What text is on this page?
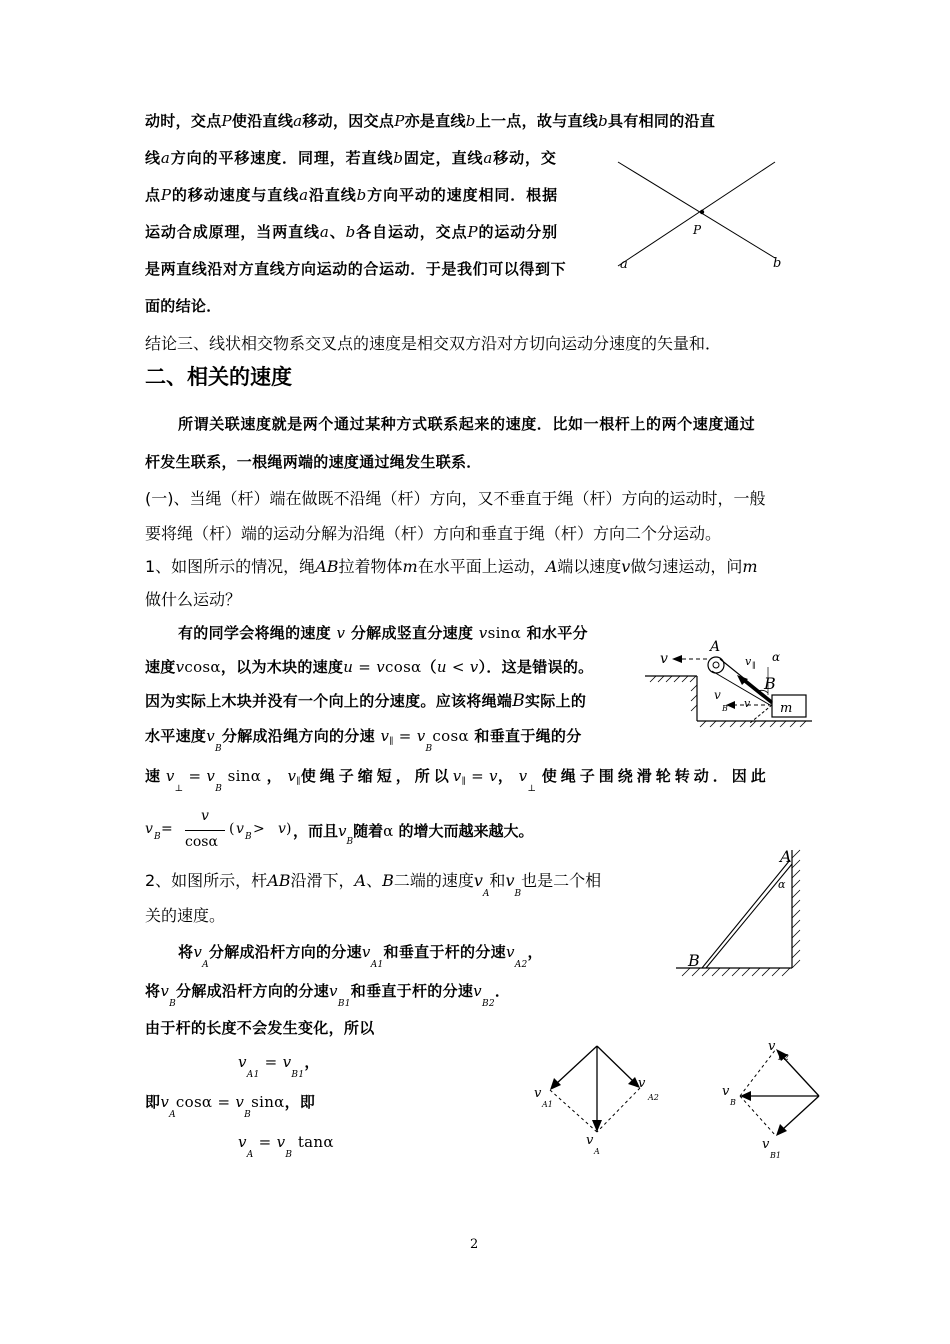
动时，交点P使沿直线a移动，因交点P亦是直线b上一点，故与直线b具有相同的沿直
线a方向的平移速度．同理，若直线b固定，直线a移动，交
点P的移动速度与直线a沿直线b方向平动的速度相同．根据
运动合成原理，当两直线a、b各自运动，交点P的运动分别
是两直线沿对方直线方向运动的合运动．于是我们可以得到下
面的结论．
a	b
P
结论三、线状相交物系交叉点的速度是相交双方沿对方切向运动分速度的矢量和．
二、相关的速度
所谓关联速度就是两个通过某种方式联系起来的速度．比如一根杆上的两个速度通过
杆发生联系，一根绳两端的速度通过绳发生联系．
(一)、当绳（杆）端在做既不沿绳（杆）方向，又不垂直于绳（杆）方向的运动时，一般
要将绳（杆）端的运动分解为沿绳（杆）方向和垂直于绳（杆）方向二个分运动。
1、如图所示的情况，绳AB拉着物体m在水平面上运动，A端以速度v做匀速运动，问m
做什么运动？
有的同学会将绳的速度 v 分解成竖直分速度 vsinα 和水平分
速度vcosα，以为木块的速度u = vcosα（u < v）．这是错误的。
因为实际上木块并没有一个向上的分速度。应该将绳端B实际上的
水平速度$v_B$分解成沿绳方向的分速 $v_\parallel = v_B\cos\alpha$ 和垂直于绳的分
速 $v_\perp = v_B$ sinα ， $v_\parallel$使绳子缩短，所以$v_\parallel = v$， $v_\perp$ 使绳子围绕滑轮转动．因此
v B =
v
cosα
( v B > v ) ，而且$v_B$随着α 的增大而越来越大。
v
A
v ∥
α
B
v
B v m
2、如图所示，杆AB沿滑下，A、B二端的速度$v_A$和$v_B$也是二个相
关的速度。
A
B
α
将$v_A$分解成沿杆方向的分速$v_{A1}$和垂直于杆的分速$v_{A2}$，
将$v_B$分解成沿杆方向的分速$v_{B1}$和垂直于杆的分速$v_{B2}$．
由于杆的长度不会发生变化，所以
$v_{A1} = v_{B1}$，
即$v_A\cos\alpha = v_B\sin\alpha$，即
$v_A = v_B$ tanα
v
A1
v
A2
v
A
v
B2
v
B
v
B1
2
